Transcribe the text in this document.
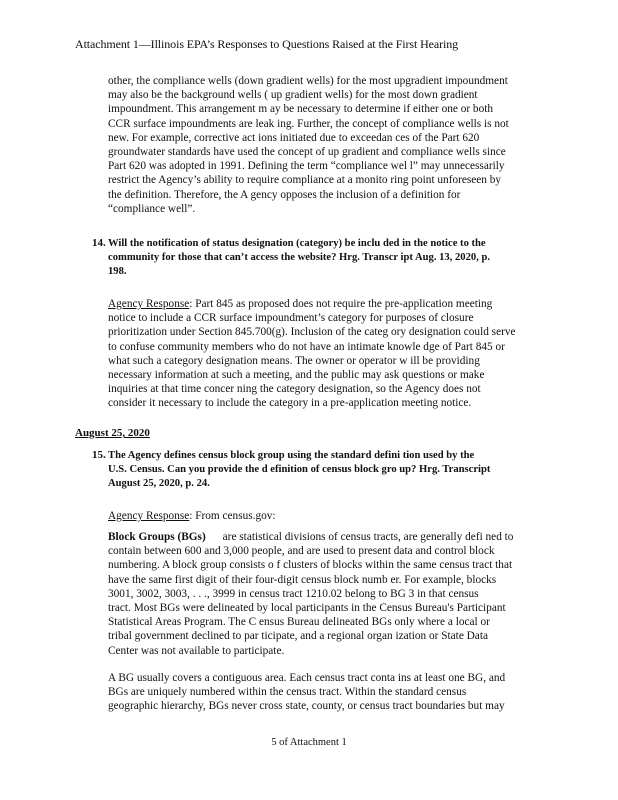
Attachment 1—Illinois EPA’s Responses to Questions Raised at the First Hearing
other, the compliance wells (down gradient wells) for the most upgradient impoundment
may also be the background wells ( up gradient wells) for the most down gradient
impoundment. This arrangement m ay be necessary to determine if either one or both
CCR surface impoundments are leak ing. Further, the concept of compliance wells is not
new. For example, corrective act ions initiated due to exceedan ces of the Part 620
groundwater standards have used the concept of up gradient and compliance wells since
Part 620 was adopted in 1991. Defining the term “compliance wel l” may unnecessarily
restrict the Agency’s ability to require compliance at a monito ring point unforeseen by
the definition. Therefore, the A gency opposes the inclusion of a definition for
“compliance well”.
14. Will the notification of status designation (category) be inclu ded in the notice to the
community for those that can’t access the website? Hrg. Transcr ipt Aug. 13, 2020, p.
198.
Agency Response: Part 845 as proposed does not require the pre-application meeting
notice to include a CCR surface impoundment’s category for purposes of closure
prioritization under Section 845.700(g). Inclusion of the categ ory designation could serve
to confuse community members who do not have an intimate knowle dge of Part 845 or
what such a category designation means. The owner or operator w ill be providing
necessary information at such a meeting, and the public may ask questions or make
inquiries at that time concer ning the category designation, so the Agency does not
consider it necessary to include the category in a pre-application meeting notice.
August 25, 2020
15. The Agency defines census block group using the standard defini tion used by the
U.S. Census. Can you provide the d efinition of census block gro up? Hrg. Transcript
August 25, 2020, p. 24.
Agency Response: From census.gov:
Block Groups (BGs)      are statistical divisions of census tracts, are generally defi ned to
contain between 600 and 3,000 people, and are used to present data and control block
numbering. A block group consists o f clusters of blocks within the same census tract that
have the same first digit of their four-digit census block numb er. For example, blocks
3001, 3002, 3003, . . ., 3999 in census tract 1210.02 belong to BG 3 in that census
tract. Most BGs were delineated by local participants in the Census Bureau's Participant
Statistical Areas Program. The C ensus Bureau delineated BGs only where a local or
tribal government declined to par ticipate, and a regional organ ization or State Data
Center was not available to participate.
A BG usually covers a contiguous area. Each census tract conta ins at least one BG, and
BGs are uniquely numbered within the census tract. Within the standard census
geographic hierarchy, BGs never cross state, county, or census tract boundaries but may
5 of Attachment 1
